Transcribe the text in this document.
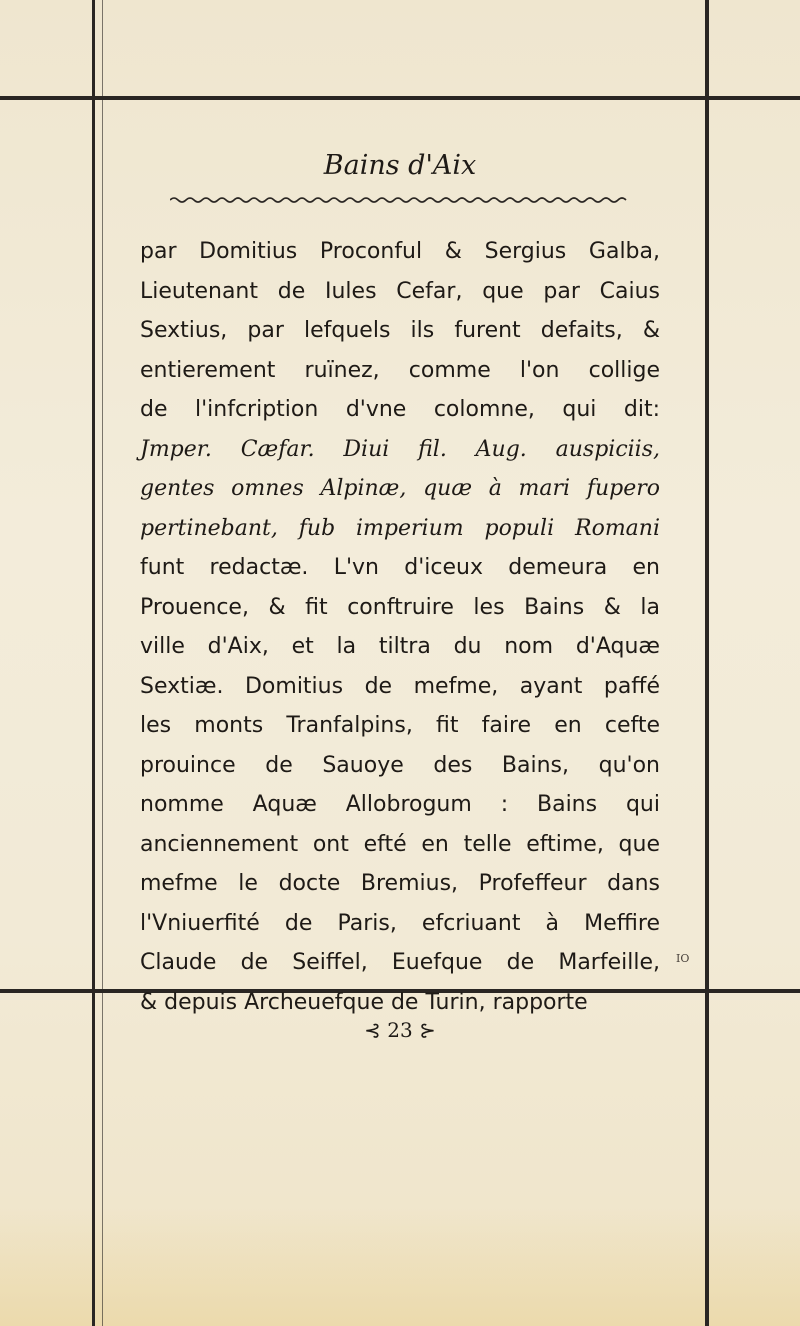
Bains d'Aix
par Domitius Proconful & Sergius Galba,
Lieutenant de Iules Cefar, que par Caius
Sextius, par lefquels ils furent defaits, &
entierement ruïnez, comme l'on collige
de l'infcription d'vne colomne, qui dit:
Jmper. Cæfar. Diui fil. Aug. auspiciis,
gentes omnes Alpinæ, quæ à mari fupero
pertinebant, fub imperium populi Romani
funt redactæ. L'vn d'iceux demeura en
Prouence, & fit conftruire les Bains & la
ville d'Aix, et la tiltra du nom d'Aquæ
Sextiæ. Domitius de mefme, ayant paffé
les monts Tranfalpins, fit faire en cefte
prouince de Sauoye des Bains, qu'on
nomme Aquæ Allobrogum : Bains qui
anciennement ont efté en telle eftime, que
mefme le docte Bremius, Profeffeur dans
l'Vniuerfité de Paris, efcriuant à Meffire
Claude de Seiffel, Euefque de Marfeille,
& depuis Archeuefque de Turin, rapporte
IO
⊰ 23 ⊱
